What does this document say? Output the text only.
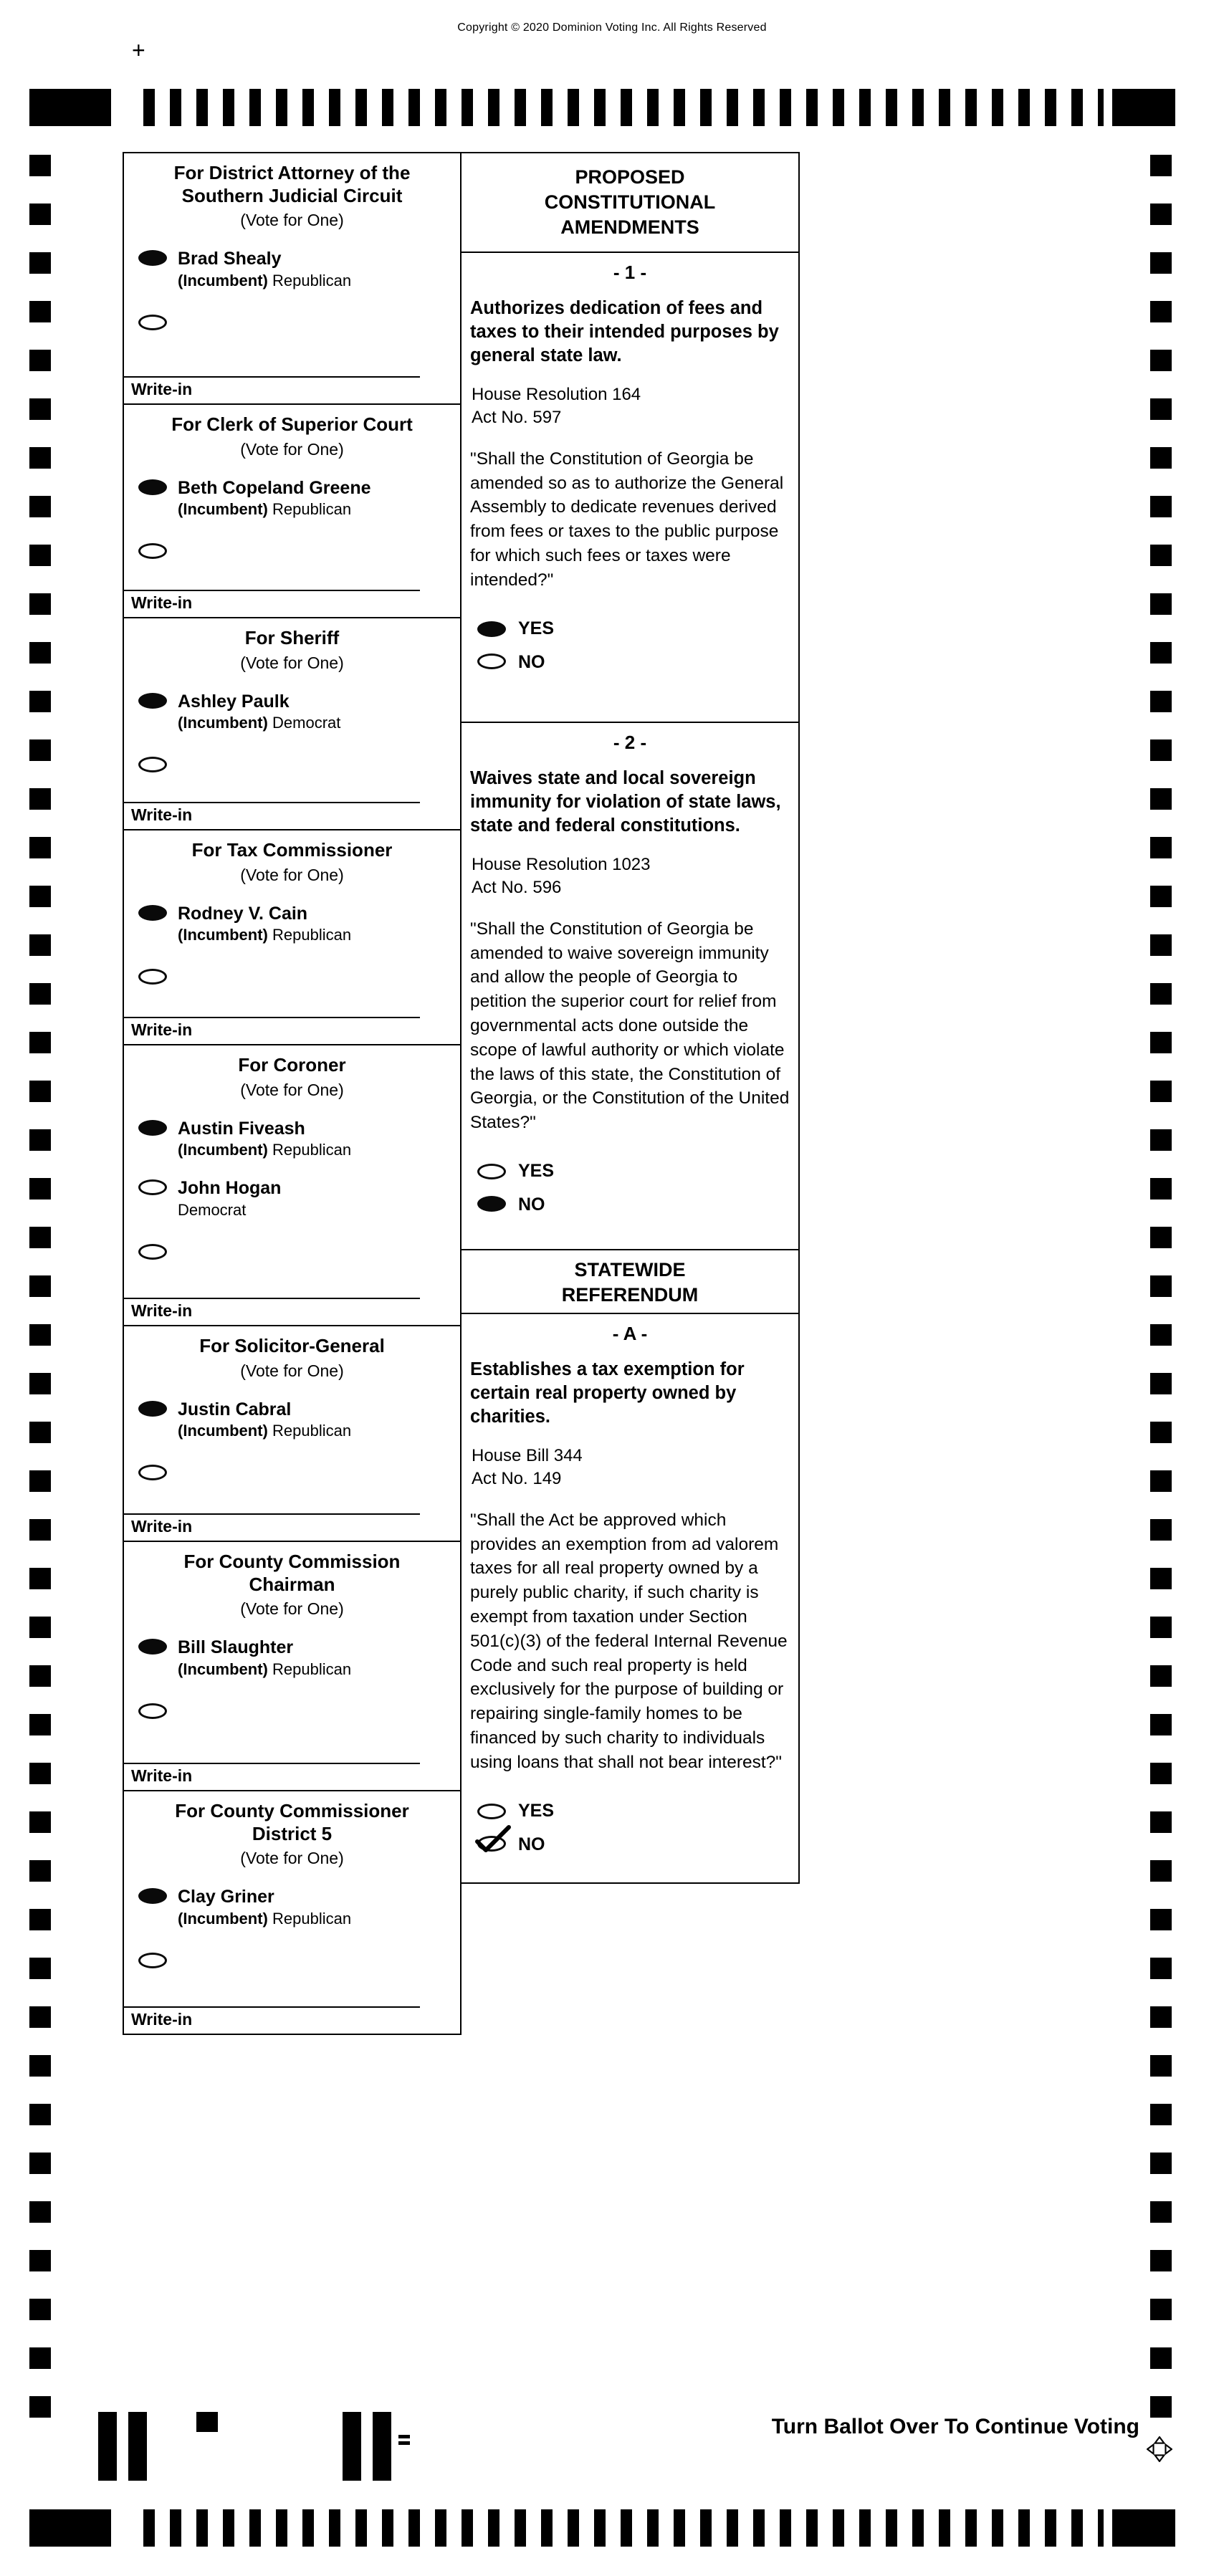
Copyright © 2020 Dominion Voting Inc. All Rights Reserved
+
For District Attorney of the Southern Judicial Circuit
(Vote for One)
Brad Shealy
(Incumbent) Republican
Write-in
For Clerk of Superior Court
(Vote for One)
Beth Copeland Greene
(Incumbent) Republican
Write-in
For Sheriff
(Vote for One)
Ashley Paulk
(Incumbent) Democrat
Write-in
For Tax Commissioner
(Vote for One)
Rodney V. Cain
(Incumbent) Republican
Write-in
For Coroner
(Vote for One)
Austin Fiveash
(Incumbent) Republican
John Hogan
Democrat
Write-in
For Solicitor-General
(Vote for One)
Justin Cabral
(Incumbent) Republican
Write-in
For County Commission Chairman
(Vote for One)
Bill Slaughter
(Incumbent) Republican
Write-in
For County Commissioner District 5
(Vote for One)
Clay Griner
(Incumbent) Republican
Write-in
PROPOSED CONSTITUTIONAL AMENDMENTS
- 1 -
Authorizes dedication of fees and taxes to their intended purposes by general state law.
House Resolution 164
Act No. 597
"Shall the Constitution of Georgia be amended so as to authorize the General Assembly to dedicate revenues derived from fees or taxes to the public purpose for which such fees or taxes were intended?"
YES
NO
- 2 -
Waives state and local sovereign immunity for violation of state laws, state and federal constitutions.
House Resolution 1023
Act No. 596
"Shall the Constitution of Georgia be amended to waive sovereign immunity and allow the people of Georgia to petition the superior court for relief from governmental acts done outside the scope of lawful authority or which violate the laws of this state, the Constitution of Georgia, or the Constitution of the United States?"
YES
NO
STATEWIDE REFERENDUM
- A -
Establishes a tax exemption for certain real property owned by charities.
House Bill 344
Act No. 149
"Shall the Act be approved which provides an exemption from ad valorem taxes for all real property owned by a purely public charity, if such charity is exempt from taxation under Section 501(c)(3) of the federal Internal Revenue Code and such real property is held exclusively for the purpose of building or repairing single-family homes to be financed by such charity to individuals using loans that shall not bear interest?"
YES
NO
Turn Ballot Over To Continue Voting
